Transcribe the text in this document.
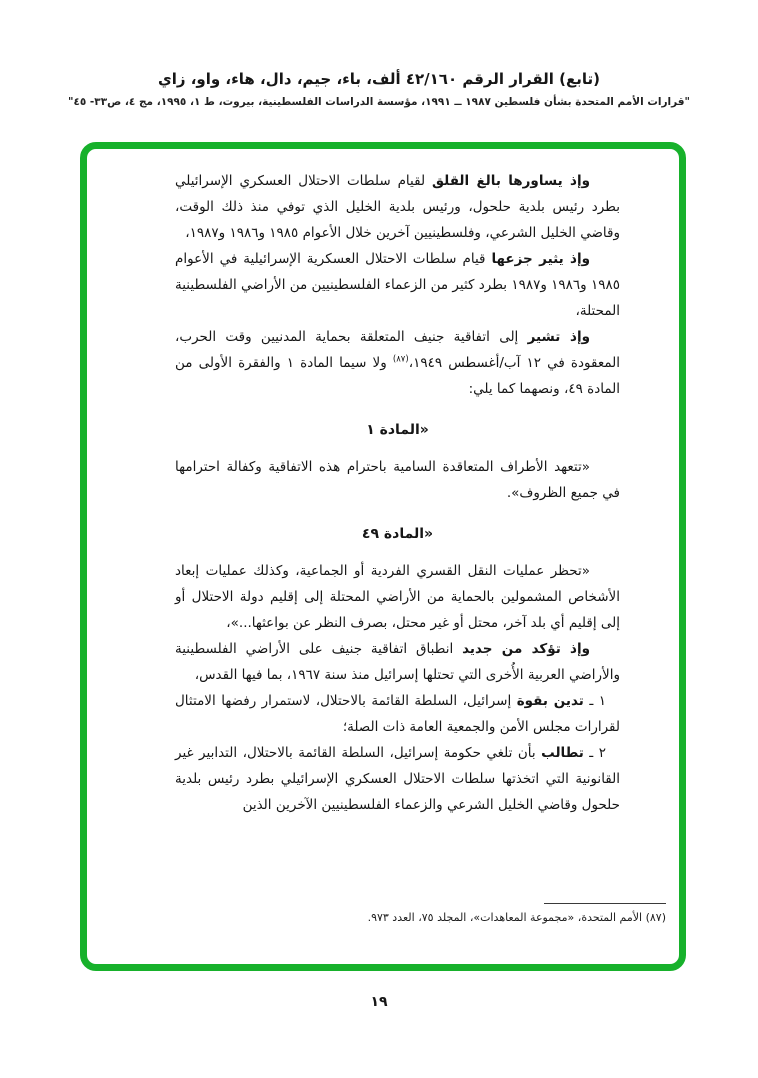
(تابع) القرار الرقم ٤٢/١٦٠ ألف، باء، جيم، دال، هاء، واو، زاي
"قرارات الأمم المتحدة بشأن فلسطين ١٩٨٧ ــ ١٩٩١، مؤسسة الدراسات الفلسطينية، بيروت، ط ١، ١٩٩٥، مج ٤، ص٣٣- ٤٥"
وإذ يساورها بالغ القلق لقيام سلطات الاحتلال العسكري الإسرائيلي بطرد رئيس بلدية حلحول، ورئيس بلدية الخليل الذي توفي منذ ذلك الوقت، وقاضي الخليل الشرعي، وفلسطينيين آخرين خلال الأعوام ١٩٨٥ و١٩٨٦ و١٩٨٧،
وإذ يثير جزعها قيام سلطات الاحتلال العسكرية الإسرائيلية في الأعوام ١٩٨٥ و١٩٨٦ و١٩٨٧ بطرد كثير من الزعماء الفلسطينيين من الأراضي الفلسطينية المحتلة،
وإذ تشير إلى اتفاقية جنيف المتعلقة بحماية المدنيين وقت الحرب، المعقودة في ١٢ آب/أغسطس ١٩٤٩،$^{(٨٧)}$ ولا سيما المادة ١ والفقرة الأولى من المادة ٤٩، ونصهما كما يلي:
«المادة ١
«تتعهد الأطراف المتعاقدة السامية باحترام هذه الاتفاقية وكفالة احترامها في جميع الظروف».
«المادة ٤٩
«تحظر عمليات النقل القسري الفردية أو الجماعية، وكذلك عمليات إبعاد الأشخاص المشمولين بالحماية من الأراضي المحتلة إلى إقليم دولة الاحتلال أو إلى إقليم أي بلد آخر، محتل أو غير محتل، بصرف النظر عن بواعثها...»،
وإذ تؤكد من جديد انطباق اتفاقية جنيف على الأراضي الفلسطينية والأراضي العربية الأُخرى التي تحتلها إسرائيل منذ سنة ١٩٦٧، بما فيها القدس،
١ ـ تدين بقوة إسرائيل، السلطة القائمة بالاحتلال، لاستمرار رفضها الامتثال لقرارات مجلس الأمن والجمعية العامة ذات الصلة؛
٢ ـ تطالب بأن تلغي حكومة إسرائيل، السلطة القائمة بالاحتلال، التدابير غير القانونية التي اتخذتها سلطات الاحتلال العسكري الإسرائيلي بطرد رئيس بلدية حلحول وقاضي الخليل الشرعي والزعماء الفلسطينيين الآخرين الذين
(٨٧) الأمم المتحدة، «مجموعة المعاهدات»، المجلد ٧٥، العدد ٩٧٣.
١٩
